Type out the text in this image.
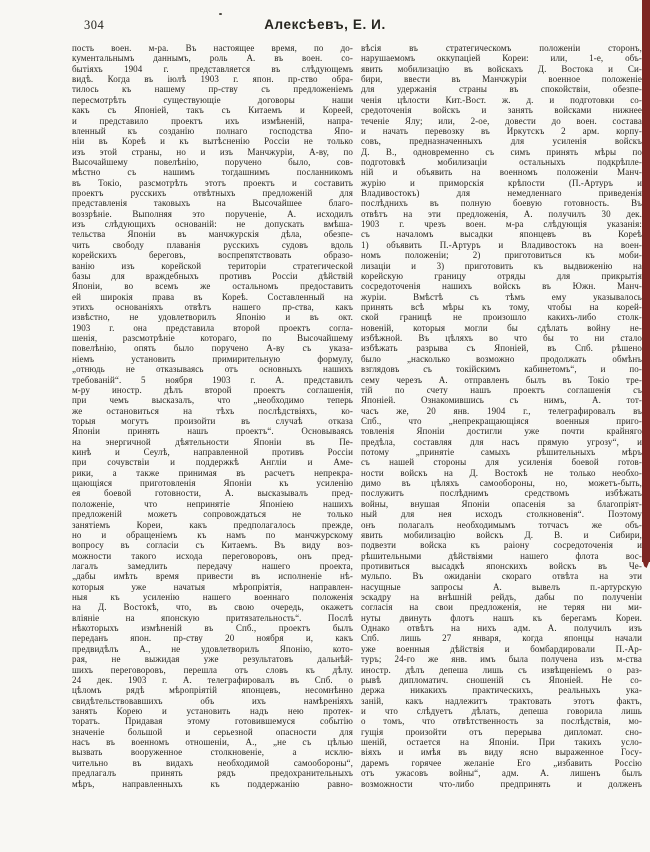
304	Алексѣевъ, Е. И.
пость воен. м-ра. Въ настоящее время, по до-
кументальнымъ даннымъ, роль А. въ воен. со-
бытіяхъ 1904 г. представляется въ слѣдующемъ
видѣ. Когда въ іюлѣ 1903 г. япон. пр-ство обра-
тилось къ нашему пр-ству съ предложеніемъ
пересмотрѣть существующіе договоры наши
какъ съ Японіей, такъ съ Китаемъ и Кореей,
и представило проектъ ихъ измѣненій, напра-
вленный къ созданію полнаго господства Япо-
ніи въ Кореѣ и къ вытѣсненію Россіи не только
изъ этой страны, но и изъ Манчжуріи, А-ву, по
Высочайшему повелѣнію, поручено было, сов-
мѣстно съ нашимъ тогдашнимъ посланникомъ
въ Токіо, разсмотрѣть этотъ проектъ и составить
проектъ русскихъ отвѣтныхъ предложеній для
представленія таковыхъ на Высочайшее благо-
воззрѣніе. Выполняя это порученіе, А. исходилъ
изъ слѣдующихъ основаній: не допускать вмѣша-
тельства Японіи въ манчжурскія дѣла, обезпе-
чить свободу плаванія русскихъ судовъ вдоль
корейскихъ береговъ, воспрепятствовать образо-
ванію изъ корейской територіи стратегической
базы для враждебныхъ противъ Россіи дѣйствій
Японіи, во всемъ же остальномъ предоставить
ей широкія права въ Кореѣ. Составленный на
этихъ основаніяхъ отвѣтъ нашего пр-ства, какъ
извѣстно, не удовлетворилъ Японію и въ окт.
1903 г. она представила второй проектъ согла-
шенія, разсмотрѣніе котораго, по Высочайшему
повелѣнію, опять было поручено А-ву съ указа-
ніемъ установить примирительную формулу,
„отнюдь не отказываясь отъ основныхъ нашихъ
требованій“. 5 ноября 1903 г. А. представилъ
м-ру иностр. дѣлъ второй проектъ соглашенія,
при чемъ высказалъ, что „необходимо теперь
же остановиться на тѣхъ послѣдствіяхъ, ко-
торыя могутъ произойти въ случаѣ отказа
Японіи принять нашъ проектъ“. Основываясь
на энергичной дѣятельности Японіи въ Пе-
кинѣ и Сеулѣ, направленной противъ Россіи
при сочувствіи и поддержкѣ Англіи и Аме-
рики, а также принимая въ расчетъ непрекра-
щающіяся приготовленія Японіи къ усиленію
ея боевой готовности, А. высказывалъ пред-
положеніе, что непринятіе Японіею нашихъ
предложеній можетъ сопровождаться не только
занятіемъ Кореи, какъ предполагалось прежде,
но и обращеніемъ къ намъ по манчжурскому
вопросу въ согласіи съ Китаемъ. Въ виду воз-
можности такого исхода переговоровъ, онъ пред-
лагалъ замедлить передачу нашего проекта,
„дабы имѣть время привести въ исполненіе нѣ-
которыя уже начатыя мѣропріятія, направлен-
ныя къ усиленію нашего военнаго положенія
на Д. Востокѣ, что, въ свою очередь, окажетъ
вліяніе на японскую притязательность“. Послѣ
нѣкоторыхъ измѣненій въ Спб., проектъ былъ
переданъ япон. пр-ству 20 ноября и, какъ
предвидѣлъ А., не удовлетворилъ Японію, кото-
рая, не выжидая уже результатовъ дальнѣй-
шихъ переговоровъ, перешла отъ словъ къ дѣлу.
24 дек. 1903 г. А. телеграфировалъ въ Спб. о
цѣломъ рядѣ мѣропріятій японцевъ, несомнѣнно
свидѣтельствовавшихъ объ ихъ намѣреніяхъ
занять Корею и установить надъ нею протек-
торатъ. Придавая этому готовившемуся событію
значеніе большой и серьезной опасности для
насъ въ военномъ отношеніи, А., „не съ цѣлью
вызвать вооруженное столкновеніе, а исклю-
чительно въ видахъ необходимой самообороны“,
предлагалъ принять рядъ предохранительныхъ
мѣръ, направленныхъ къ поддержанію равно-
вѣсія въ стратегическомъ положеніи сторонъ,
нарушаемомъ оккупаціей Кореи: или, 1-е, объ-
явить мобилизацію въ войскахъ Д. Востока и Си-
бири, ввести въ Манчжуріи военное положеніе
для удержанія страны въ спокойствіи, обезпе-
ченія цѣлости Кит.-Вост. ж. д. и подготовки со-
средоточенія войскъ и занять войсками нижнее
теченіе Ялу; или, 2-ое, довести до воен. состава
и начать перевозку въ Иркутскъ 2 арм. корпу-
совъ, предназначенныхъ для усиленія войскъ
Д. В., одновременно съ симъ принять мѣры по
подготовкѣ мобилизаціи остальныхъ подкрѣпле-
ній и объявить на военномъ положеніи Манч-
журію и приморскія крѣпости (П.-Артуръ и
Владивостокъ) для немедленнаго приведенія
послѣднихъ въ полную боевую готовность. Въ
отвѣтъ на эти предложенія, А. получилъ 30 дек.
1903 г. чрезъ воен. м-ра слѣдующія указанія:
съ началомъ высадки японцевъ въ Кореѣ
1) объявить П.-Артуръ и Владивостокъ на воен-
номъ положеніи; 2) приготовиться къ моби-
лизаціи и 3) приготовить къ выдвиженію на
корейскую границу отряды для прикрытія
сосредоточенія нашихъ войскъ въ Южн. Манч-
журіи. Вмѣстѣ съ тѣмъ ему указывалось
принять всѣ мѣры къ тому, чтобы на корей-
ской границѣ не произошло какихъ-либо столк-
новеній, которыя могли бы сдѣлать войну не-
избѣжной. Въ цѣляхъ во что бы то ни стало
избѣжать разрыва съ Японіей, въ Спб. рѣшено
было „насколько возможно продолжать обмѣнъ
взглядовъ съ токійскимъ кабинетомъ“, и по-
сему черезъ А. отправленъ былъ въ Токіо тре-
тій по счету нашъ проектъ соглашенія съ
Японіей. Ознакомившись съ нимъ, А. тот-
часъ же, 20 янв. 1904 г., телеграфировалъ въ
Спб., что „непрекращающіяся военныя приго-
товленія Японіи достигли уже почти крайняго
предѣла, составляя для насъ прямую угрозу“, и
потому „принятіе самыхъ рѣшительныхъ мѣръ
съ нашей стороны для усиленія боевой готов-
ности войскъ на Д. Востокѣ не только необхо-
димо въ цѣляхъ самообороны, но, можетъ-быть,
послужитъ послѣднимъ средствомъ избѣжать
войны, внушая Японіи опасенія за благопріят-
ный для нея исходъ столкновенія“. Поэтому
онъ полагалъ необходимымъ тотчасъ же объ-
явить мобилизацію войскъ Д. В. и Сибири,
подвезти войска къ раіону сосредоточенія и
рѣшительными дѣйствіями нашего флота вос-
противиться высадкѣ японскихъ войскъ въ Че-
мульпо. Въ ожиданіи скораго отвѣта на эти
насущные запросы А. вывелъ п.-артурскую
эскадру на внѣшній рейдъ, дабы по полученіи
согласія на свои предложенія, не теряя ни ми-
нуты двинуть флотъ нашъ къ берегамъ Кореи.
Однако отвѣтъ на нихъ адм. А. получилъ изъ
Спб. лишь 27 января, когда японцы начали
уже военныя дѣйствія и бомбардировали П.-Ар-
туръ; 24-го же янв. имъ была получена изъ м-ства
иностр. дѣлъ депеша лишь съ извѣщеніемъ о раз-
рывѣ дипломатич. сношеній съ Японіей. Не со-
держа никакихъ практическихъ, реальныхъ ука-
заній, какъ надлежитъ трактовать этотъ фактъ,
и что слѣдуетъ дѣлать, депеша говорила лишь
о томъ, что отвѣтственность за послѣдствія, мо-
гущія произойти отъ перерыва дипломат. сно-
шеній, остается на Японіи. При такихъ усло-
віяхъ и имѣя въ виду ясно выраженное Госу-
даремъ горячее желаніе Его „избавить Россію
отъ ужасовъ войны“, адм. А. лишенъ былъ
возможности что-либо предпринять и долженъ
